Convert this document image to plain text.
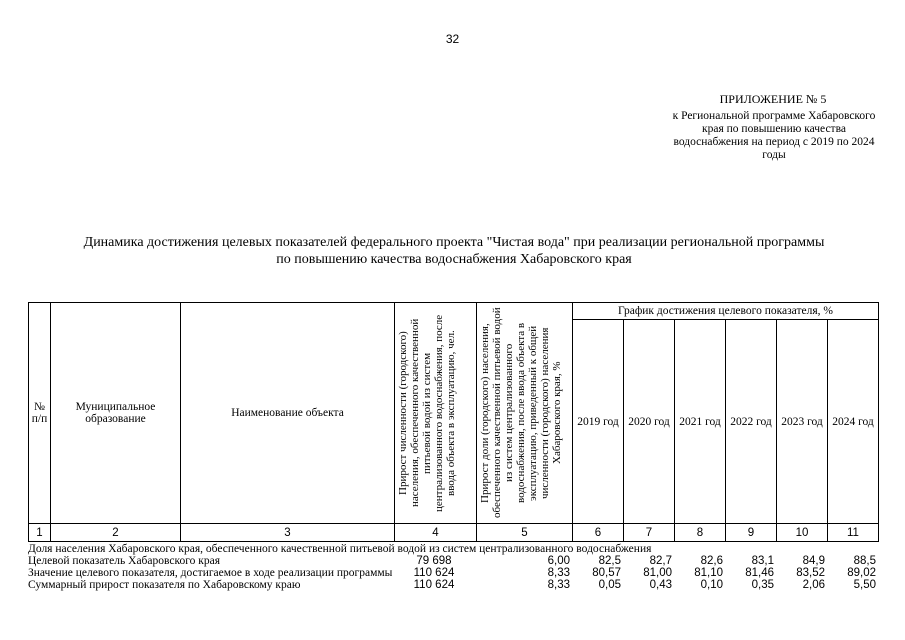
32
ПРИЛОЖЕНИЕ № 5
к Региональной программе Хабаровского края по повышению качества водоснабжения на период с 2019 по 2024 годы
Динамика достижения целевых показателей федерального проекта "Чистая вода" при реализации региональной программы
по повышению качества водоснабжения Хабаровского края
№ п/п	Муниципальное образование	Наименование объекта	Прирост численности (городского) населения, обеспеченного качественной питьевой водой из систем централизованного водоснабжения, после ввода объекта в эксплуатацию, чел.	Прирост доли (городского) населения, обеспеченного качественной питьевой водой из систем централизованного водоснабжения, после ввода объекта в эксплуатацию, приведенный к общей численности (городского) населения Хабаровского края, %	График достижения целевого показателя, %					
					2019 год	2020 год	2021 год	2022 год	2023 год	2024 год
1	2	3	4	5	6	7	8	9	10	11
Доля населения Хабаровского края, обеспеченного качественной питьевой водой из систем централизованного водоснабжения								
Целевой показатель Хабаровского края	79 698	6,00	82,5	82,7	82,6	83,1	84,9	88,5
Значение целевого показателя, достигаемое в ходе реализации программы	110 624	8,33	80,57	81,00	81,10	81,46	83,52	89,02
Суммарный прирост показателя по Хабаровскому краю	110 624	8,33	0,05	0,43	0,10	0,35	2,06	5,50
